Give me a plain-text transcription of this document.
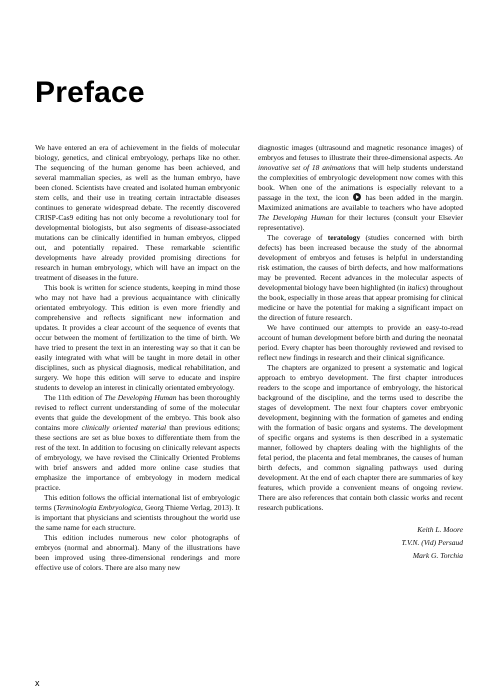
Preface

We have entered an era of achievement in the fields of molecular biology, genetics, and clinical embryology, perhaps like no other. The sequencing of the human genome has been achieved, and several mammalian species, as well as the human embryo, have been cloned. Scientists have created and isolated human embryonic stem cells, and their use in treating certain intractable diseases continues to generate widespread debate. The recently discovered CRISP-Cas9 editing has not only become a revolutionary tool for developmental biologists, but also segments of disease-associated mutations can be clinically identified in human embryos, clipped out, and potentially repaired. These remarkable scientific developments have already provided promising directions for research in human embryology, which will have an impact on the treatment of diseases in the future.

This book is written for science students, keeping in mind those who may not have had a previous acquaintance with clinically orientated embryology. This edition is even more friendly and comprehensive and reflects significant new information and updates. It provides a clear account of the sequence of events that occur between the moment of fertilization to the time of birth. We have tried to present the text in an interesting way so that it can be easily integrated with what will be taught in more detail in other disciplines, such as physical diagnosis, medical rehabilitation, and surgery. We hope this edition will serve to educate and inspire students to develop an interest in clinically orientated embryology.

The 11th edition of The Developing Human has been thoroughly revised to reflect current understanding of some of the molecular events that guide the development of the embryo. This book also contains more clinically oriented material than previous editions; these sections are set as blue boxes to differentiate them from the rest of the text. In addition to focusing on clinically relevant aspects of embryology, we have revised the Clinically Oriented Problems with brief answers and added more online case studies that emphasize the importance of embryology in modern medical practice.

This edition follows the official international list of embryologic terms (Terminologia Embryologica, Georg Thieme Verlag, 2013). It is important that physicians and scientists throughout the world use the same name for each structure.

This edition includes numerous new color photographs of embryos (normal and abnormal). Many of the illustrations have been improved using three-dimensional renderings and more effective use of colors. There are also many new

diagnostic images (ultrasound and magnetic resonance images) of embryos and fetuses to illustrate their three-dimensional aspects. An innovative set of 18 animations that will help students understand the complexities of embryologic development now comes with this book. When one of the animations is especially relevant to a passage in the text, the icon  has been added in the margin. Maximized animations are available to teachers who have adopted The Developing Human for their lectures (consult your Elsevier representative).

The coverage of teratology (studies concerned with birth defects) has been increased because the study of the abnormal development of embryos and fetuses is helpful in understanding risk estimation, the causes of birth defects, and how malformations may be prevented. Recent advances in the molecular aspects of developmental biology have been highlighted (in italics) throughout the book, especially in those areas that appear promising for clinical medicine or have the potential for making a significant impact on the direction of future research.

We have continued our attempts to provide an easy-to-read account of human development before birth and during the neonatal period. Every chapter has been thoroughly reviewed and revised to reflect new findings in research and their clinical significance.

The chapters are organized to present a systematic and logical approach to embryo development. The first chapter introduces readers to the scope and importance of embryology, the historical background of the discipline, and the terms used to describe the stages of development. The next four chapters cover embryonic development, beginning with the formation of gametes and ending with the formation of basic organs and systems. The development of specific organs and systems is then described in a systematic manner, followed by chapters dealing with the highlights of the fetal period, the placenta and fetal membranes, the causes of human birth defects, and common signaling pathways used during development. At the end of each chapter there are summaries of key features, which provide a convenient means of ongoing review. There are also references that contain both classic works and recent research publications.

Keith L. Moore
T.V.N. (Vid) Persaud
Mark G. Torchia
x
